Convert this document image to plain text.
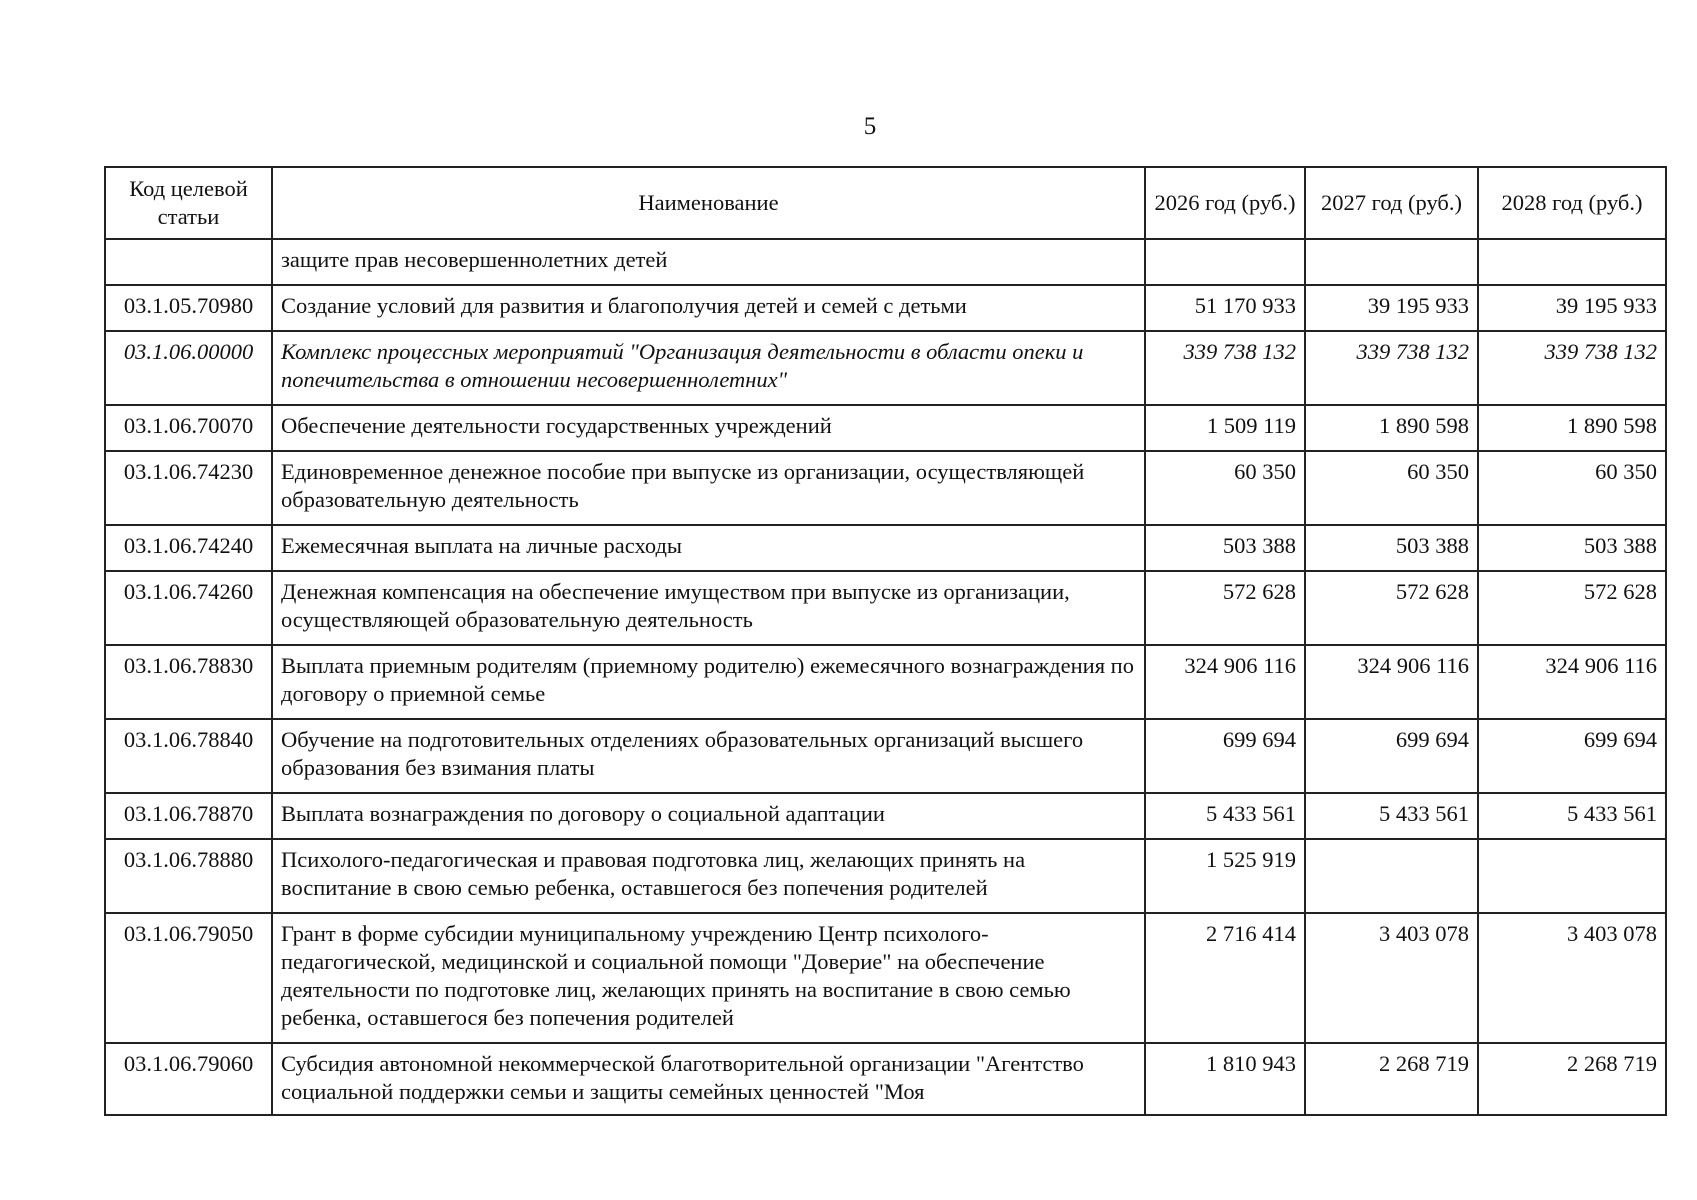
5
Код целевой статьи	Наименование	2026 год (руб.)	2027 год (руб.)	2028 год (руб.)
	защите прав несовершеннолетних детей			
03.1.05.70980	Создание условий для развития и благополучия детей и семей с детьми	51 170 933	39 195 933	39 195 933
03.1.06.00000	Комплекс процессных мероприятий "Организация деятельности в области опеки и попечительства в отношении несовершеннолетних"	339 738 132	339 738 132	339 738 132
03.1.06.70070	Обеспечение деятельности государственных учреждений	1 509 119	1 890 598	1 890 598
03.1.06.74230	Единовременное денежное пособие при выпуске из организации, осуществляющей образовательную деятельность	60 350	60 350	60 350
03.1.06.74240	Ежемесячная выплата на личные расходы	503 388	503 388	503 388
03.1.06.74260	Денежная компенсация на обеспечение имуществом при выпуске из организации, осуществляющей образовательную деятельность	572 628	572 628	572 628
03.1.06.78830	Выплата приемным родителям (приемному родителю) ежемесячного вознаграждения по договору о приемной семье	324 906 116	324 906 116	324 906 116
03.1.06.78840	Обучение на подготовительных отделениях образовательных организаций высшего образования без взимания платы	699 694	699 694	699 694
03.1.06.78870	Выплата вознаграждения по договору о социальной адаптации	5 433 561	5 433 561	5 433 561
03.1.06.78880	Психолого-педагогическая и правовая подготовка лиц, желающих принять на воспитание в свою семью ребенка, оставшегося без попечения родителей	1 525 919		
03.1.06.79050	Грант в форме субсидии муниципальному учреждению Центр психолого-педагогической, медицинской и социальной помощи "Доверие" на обеспечение деятельности по подготовке лиц, желающих принять на воспитание в свою семью ребенка, оставшегося без попечения родителей	2 716 414	3 403 078	3 403 078
03.1.06.79060	Субсидия автономной некоммерческой благотворительной организации "Агентство социальной поддержки семьи и защиты семейных ценностей "Моя	1 810 943	2 268 719	2 268 719
